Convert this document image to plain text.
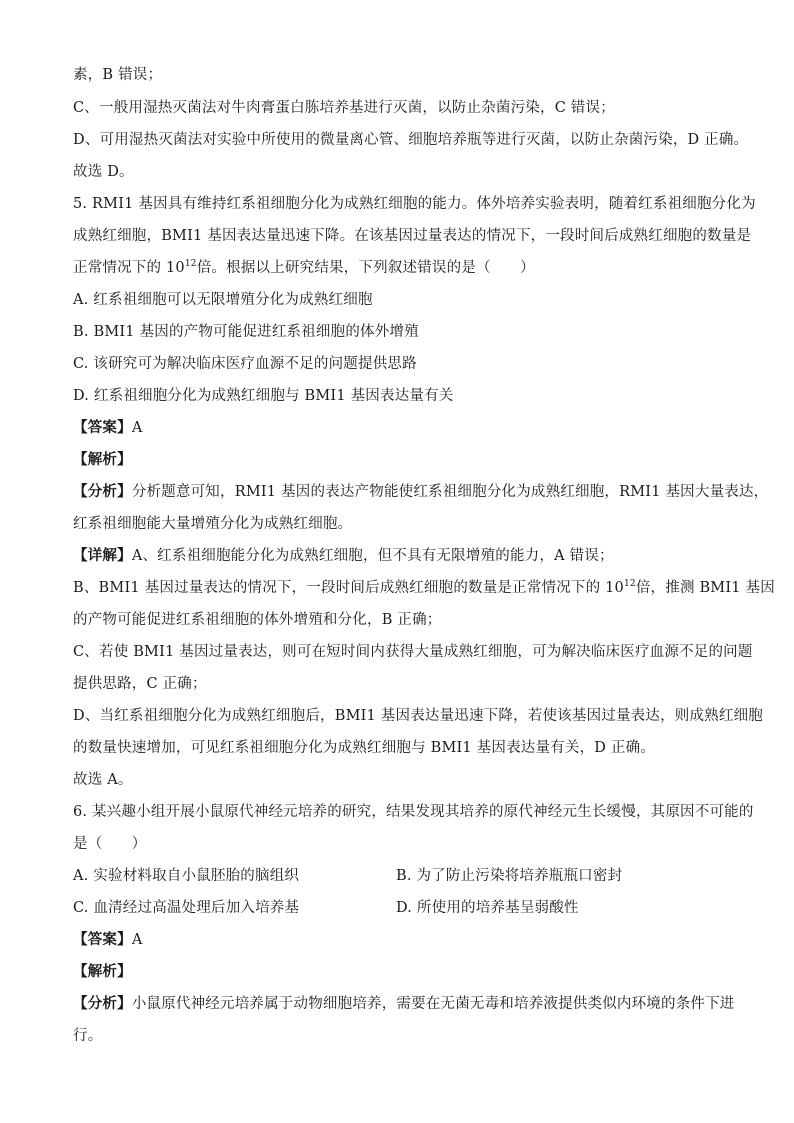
素，B 错误；
C、一般用湿热灭菌法对牛肉膏蛋白胨培养基进行灭菌，以防止杂菌污染，C 错误；
D、可用湿热灭菌法对实验中所使用的微量离心管、细胞培养瓶等进行灭菌，以防止杂菌污染，D 正确。
故选 D。
5. RMI1 基因具有维持红系祖细胞分化为成熟红细胞的能力。体外培养实验表明，随着红系祖细胞分化为
成熟红细胞，BMI1 基因表达量迅速下降。在该基因过量表达的情况下，一段时间后成熟红细胞的数量是
正常情况下的 $10^{12}$倍。根据以上研究结果，下列叙述错误的是（　　）
A. 红系祖细胞可以无限增殖分化为成熟红细胞
B. BMI1 基因的产物可能促进红系祖细胞的体外增殖
C. 该研究可为解决临床医疗血源不足的问题提供思路
D. 红系祖细胞分化为成熟红细胞与 BMI1 基因表达量有关
【答案】A
【解析】
【分析】分析题意可知，RMI1 基因的表达产物能使红系祖细胞分化为成熟红细胞，RMI1 基因大量表达，
红系祖细胞能大量增殖分化为成熟红细胞。
【详解】A、红系祖细胞能分化为成熟红细胞，但不具有无限增殖的能力，A 错误；
B、BMI1 基因过量表达的情况下，一段时间后成熟红细胞的数量是正常情况下的 $10^{12}$倍，推测 BMI1 基因
的产物可能促进红系祖细胞的体外增殖和分化，B 正确；
C、若使 BMI1 基因过量表达，则可在短时间内获得大量成熟红细胞，可为解决临床医疗血源不足的问题
提供思路，C 正确；
D、当红系祖细胞分化为成熟红细胞后，BMI1 基因表达量迅速下降，若使该基因过量表达，则成熟红细胞
的数量快速增加，可见红系祖细胞分化为成熟红细胞与 BMI1 基因表达量有关，D 正确。
故选 A。
6. 某兴趣小组开展小鼠原代神经元培养的研究，结果发现其培养的原代神经元生长缓慢，其原因不可能的
是（　　）
A. 实验材料取自小鼠胚胎的脑组织	B. 为了防止污染将培养瓶瓶口密封
C. 血清经过高温处理后加入培养基	D. 所使用的培养基呈弱酸性
【答案】A
【解析】
【分析】小鼠原代神经元培养属于动物细胞培养，需要在无菌无毒和培养液提供类似内环境的条件下进
行。
